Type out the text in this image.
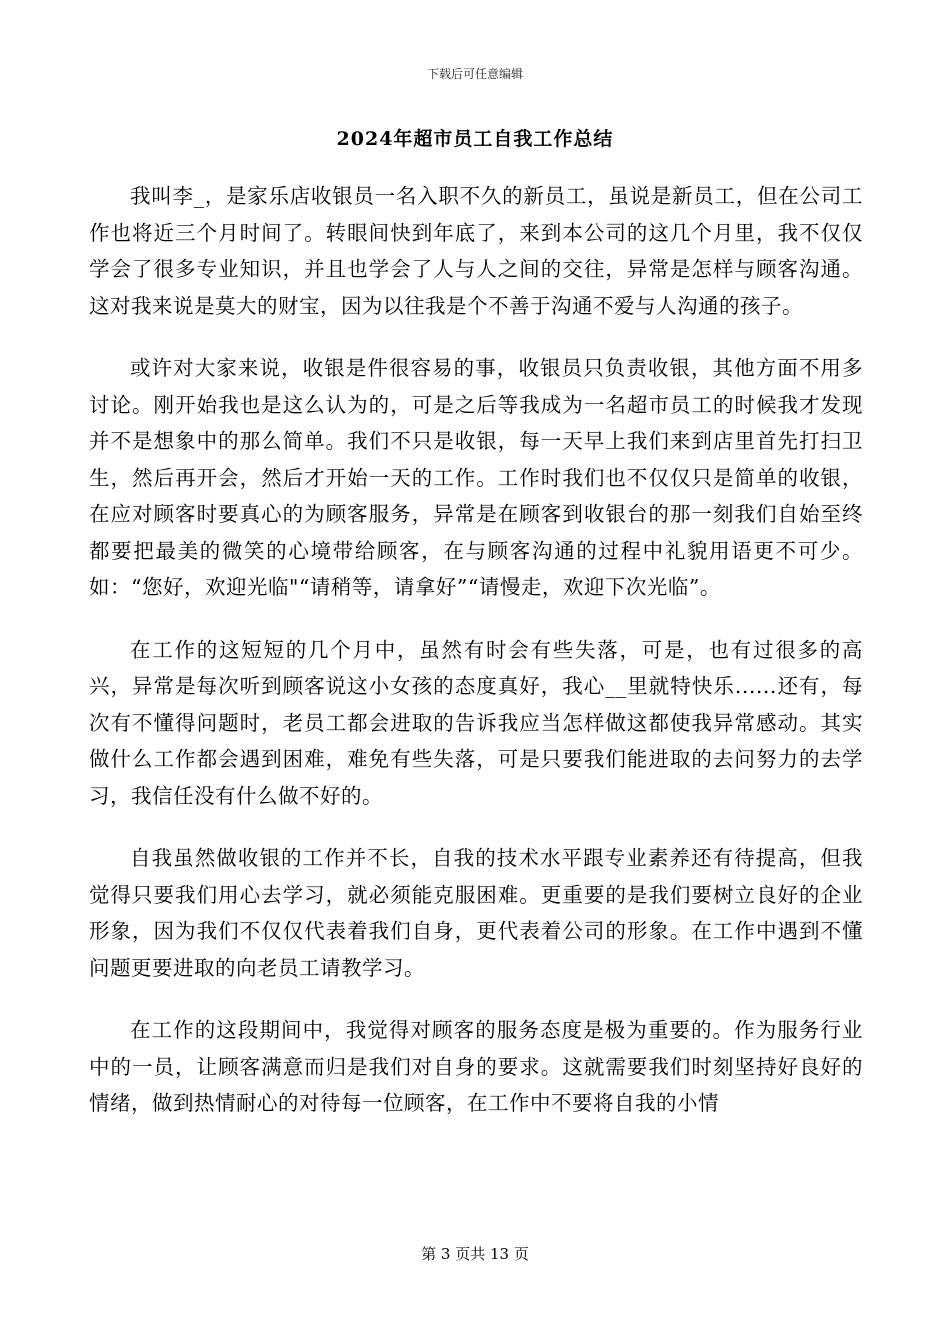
下载后可任意编辑
2024年超市员工自我工作总结

我叫李_，是家乐店收银员一名入职不久的新员工，虽说是新员工，但在公司工作也将近三个月时间了。转眼间快到年底了，来到本公司的这几个月里，我不仅仅学会了很多专业知识，并且也学会了人与人之间的交往，异常是怎样与顾客沟通。这对我来说是莫大的财宝，因为以往我是个不善于沟通不爱与人沟通的孩子。

或许对大家来说，收银是件很容易的事，收银员只负责收银，其他方面不用多讨论。刚开始我也是这么认为的，可是之后等我成为一名超市员工的时候我才发现并不是想象中的那么简单。我们不只是收银，每一天早上我们来到店里首先打扫卫生，然后再开会，然后才开始一天的工作。工作时我们也不仅仅只是简单的收银，在应对顾客时要真心的为顾客服务，异常是在顾客到收银台的那一刻我们自始至终都要把最美的微笑的心境带给顾客，在与顾客沟通的过程中礼貌用语更不可少。如：“您好，欢迎光临"“请稍等，请拿好”“请慢走，欢迎下次光临”。

在工作的这短短的几个月中，虽然有时会有些失落，可是，也有过很多的高兴，异常是每次听到顾客说这小女孩的态度真好，我心__里就特快乐......还有，每次有不懂得问题时，老员工都会进取的告诉我应当怎样做这都使我异常感动。其实做什么工作都会遇到困难，难免有些失落，可是只要我们能进取的去问努力的去学习，我信任没有什么做不好的。

自我虽然做收银的工作并不长，自我的技术水平跟专业素养还有待提高，但我觉得只要我们用心去学习，就必须能克服困难。更重要的是我们要树立良好的企业形象，因为我们不仅仅代表着我们自身，更代表着公司的形象。在工作中遇到不懂问题更要进取的向老员工请教学习。

在工作的这段期间中，我觉得对顾客的服务态度是极为重要的。作为服务行业中的一员，让顾客满意而归是我们对自身的要求。这就需要我们时刻坚持好良好的情绪，做到热情耐心的对待每一位顾客，在工作中不要将自我的小情

第 3 页共 13 页
